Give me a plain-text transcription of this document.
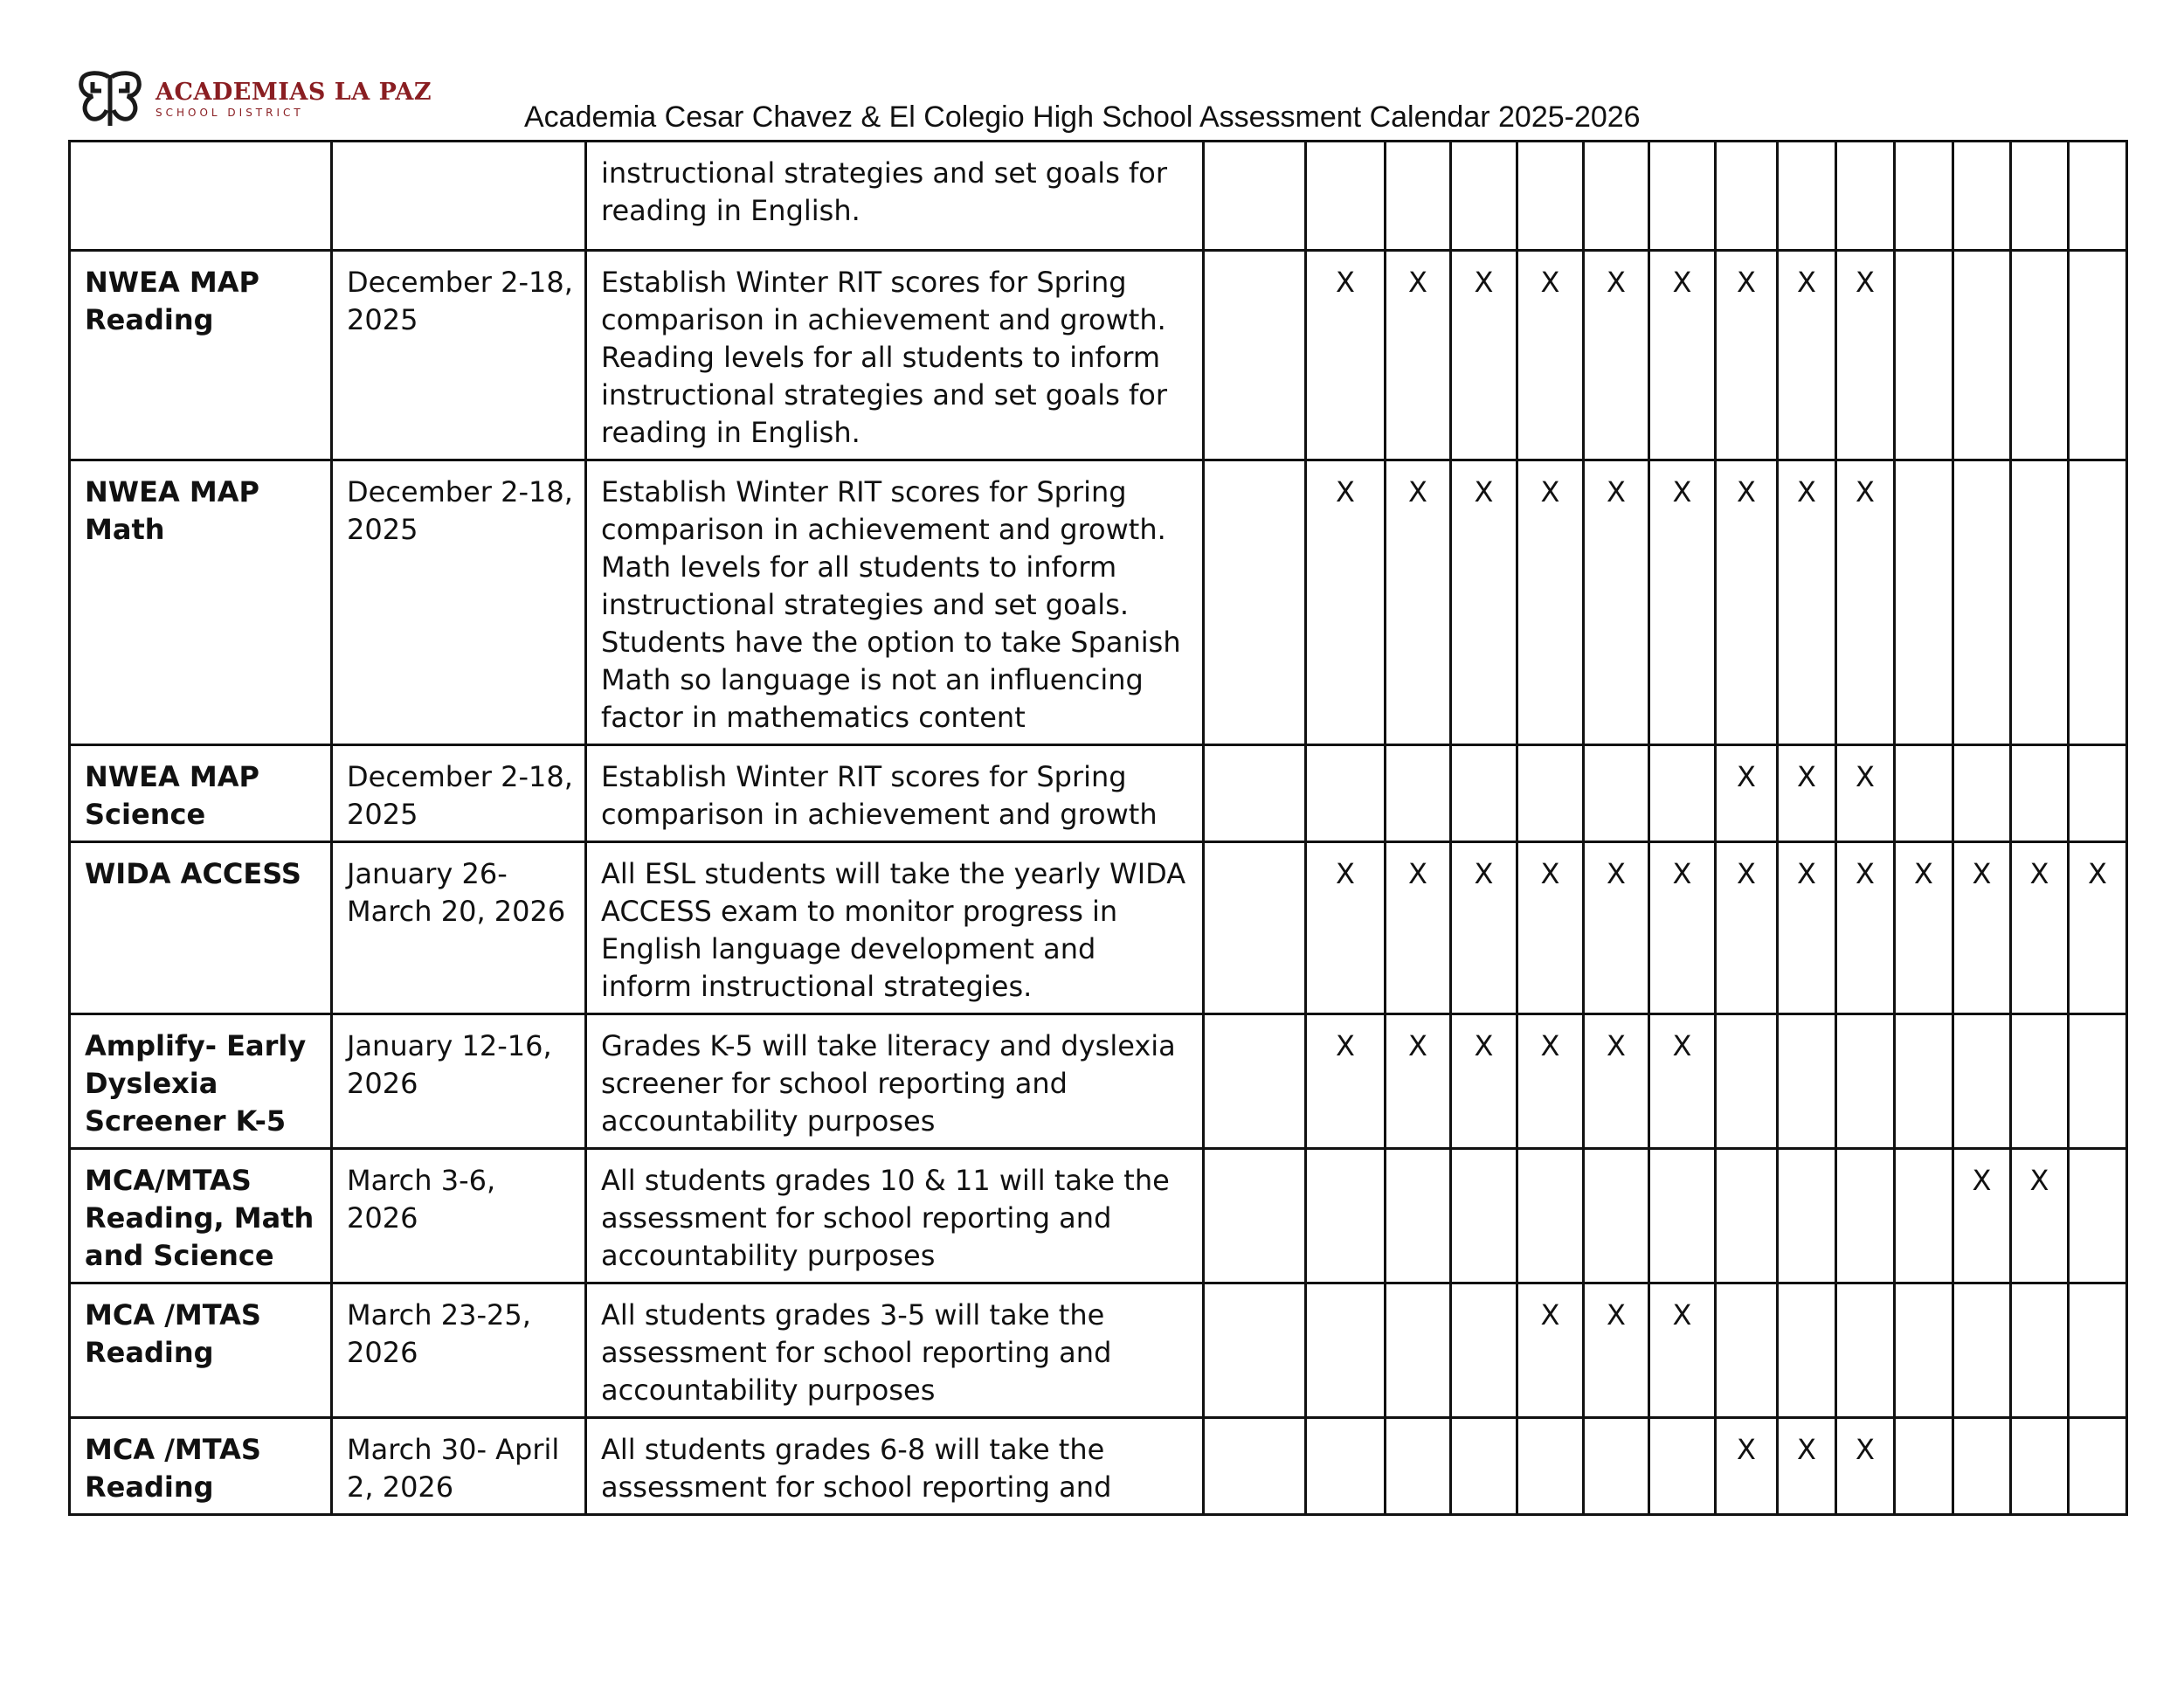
ACADEMIAS LA PAZ
SCHOOL DISTRICT	Academia Cesar Chavez & El Colegio High School Assessment Calendar 2025-2026
		instructional strategies and set goals for reading in English.														
NWEA MAP Reading	December 2-18, 2025	Establish Winter RIT scores for Spring comparison in achievement and growth. Reading levels for all students to inform instructional strategies and set goals for reading in English.		X	X	X	X	X	X	X	X	X				
NWEA MAP Math	December 2-18, 2025	Establish Winter RIT scores for Spring comparison in achievement and growth. Math levels for all students to inform instructional strategies and set goals. Students have the option to take Spanish Math so language is not an influencing factor in mathematics content		X	X	X	X	X	X	X	X	X				
NWEA MAP Science	December 2-18, 2025	Establish Winter RIT scores for Spring comparison in achievement and growth								X	X	X				
WIDA ACCESS	January 26-March 20, 2026	All ESL students will take the yearly WIDA ACCESS exam to monitor progress in English language development and inform instructional strategies.		X	X	X	X	X	X	X	X	X	X	X	X	X
Amplify- Early Dyslexia Screener K-5	January 12-16, 2026	Grades K-5 will take literacy and dyslexia screener for school reporting and accountability purposes		X	X	X	X	X	X							
MCA/MTAS Reading, Math and Science	March 3-6, 2026	All students grades 10 & 11 will take the assessment for school reporting and accountability purposes												X	X	
MCA /MTAS Reading	March 23-25, 2026	All students grades 3-5 will take the assessment for school reporting and accountability purposes					X	X	X							
MCA /MTAS Reading	March 30- April 2, 2026	All students grades 6-8 will take the assessment for school reporting and								X	X	X				
